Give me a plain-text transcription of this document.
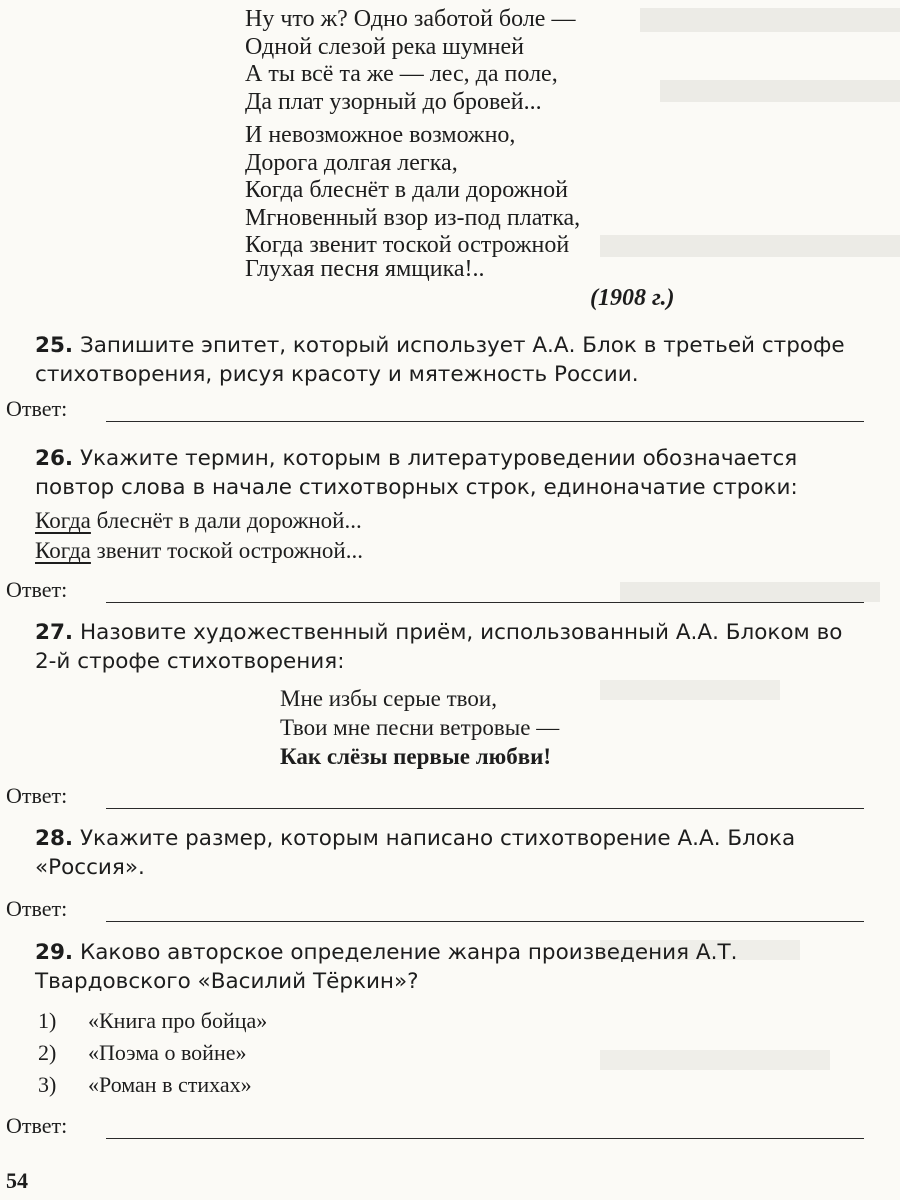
Ну что ж? Одно заботой боле —
Одной слезой река шумней
А ты всё та же — лес, да поле,
Да плат узорный до бровей...
И невозможное возможно,
Дорога долгая легка,
Когда блеснёт в дали дорожной
Мгновенный взор из-под платка,
Когда звенит тоской острожной
Глухая песня ямщика!..
(1908 г.)
25. Запишите эпитет, который использует А.А. Блок в третьей строфе стихотворения, рисуя красоту и мятежность России.
Ответ:
26. Укажите термин, которым в литературоведении обозначается повтор слова в начале стихотворных строк, единоначатие строки:
Когда блеснёт в дали дорожной...
Когда звенит тоской острожной...
Ответ:
27. Назовите художественный приём, использованный А.А. Блоком во 2-й строфе стихотворения:
Мне избы серые твои,
Твои мне песни ветровые —
Как слёзы первые любви!
Ответ:
28. Укажите размер, которым написано стихотворение А.А. Блока «Россия».
Ответ:
29. Каково авторское определение жанра произведения А.Т. Твардовского «Василий Тёркин»?
1) «Книга про бойца»
2) «Поэма о войне»
3) «Роман в стихах»
Ответ:
54
